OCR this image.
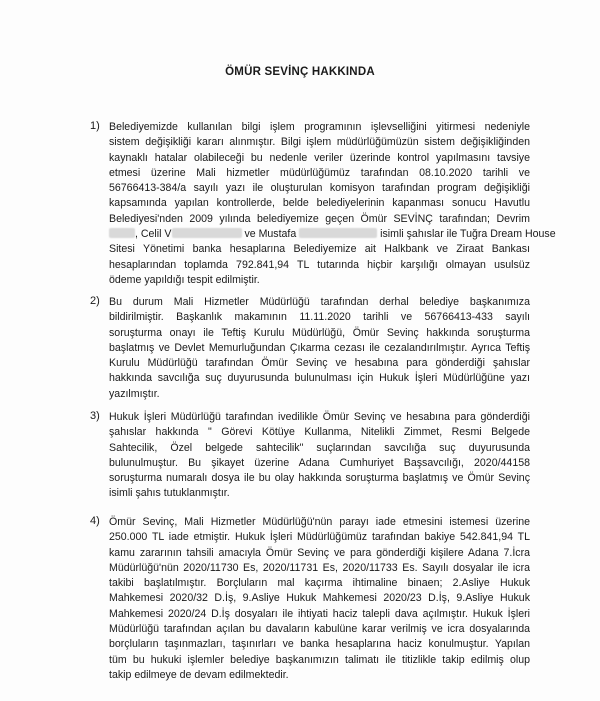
ÖMÜR SEVİNÇ HAKKINDA
1) Belediyemizde kullanılan bilgi işlem programının işlevselliğini yitirmesi nedeniyle
sistem değişikliği kararı alınmıştır. Bilgi işlem müdürlüğümüzün sistem değişikliğinden
kaynaklı hatalar olabileceği bu nedenle veriler üzerinde kontrol yapılmasını tavsiye
etmesi üzerine Mali hizmetler müdürlüğümüz tarafından 08.10.2020 tarihli ve
56766413-384/a sayılı yazı ile oluşturulan komisyon tarafından program değişikliği
kapsamında yapılan kontrollerde, belde belediyelerinin kapanması sonucu Havutlu
Belediyesi'nden 2009 yılında belediyemize geçen Ömür SEVİNÇ tarafından; Devrim
, Celil V	ve Mustafa	isimli şahıslar ile Tuğra Dream House
Sitesi Yönetimi banka hesaplarına Belediyemize ait Halkbank ve Ziraat Bankası
hesaplarından toplamda 792.841,94 TL tutarında hiçbir karşılığı olmayan usulsüz
ödeme yapıldığı tespit edilmiştir.
2) Bu durum Mali Hizmetler Müdürlüğü tarafından derhal belediye başkanımıza
bildirilmiştir. Başkanlık makamının 11.11.2020 tarihli ve 56766413-433 sayılı
soruşturma onayı ile Teftiş Kurulu Müdürlüğü, Ömür Sevinç hakkında soruşturma
başlatmış ve Devlet Memurluğundan Çıkarma cezası ile cezalandırılmıştır. Ayrıca Teftiş
Kurulu Müdürlüğü tarafından Ömür Sevinç ve hesabına para gönderdiği şahıslar
hakkında savcılığa suç duyurusunda bulunulması için Hukuk İşleri Müdürlüğüne yazı
yazılmıştır.
3) Hukuk İşleri Müdürlüğü tarafından ivedilikle Ömür Sevinç ve hesabına para gönderdiği
şahıslar hakkında " Görevi Kötüye Kullanma, Nitelikli Zimmet, Resmi Belgede
Sahtecilik, Özel belgede sahtecilik" suçlarından savcılığa suç duyurusunda
bulunulmuştur. Bu şikayet üzerine Adana Cumhuriyet Başsavcılığı, 2020/44158
soruşturma numaralı dosya ile bu olay hakkında soruşturma başlatmış ve Ömür Sevinç
isimli şahıs tutuklanmıştır.
4) Ömür Sevinç, Mali Hizmetler Müdürlüğü'nün parayı iade etmesini istemesi üzerine
250.000 TL iade etmiştir. Hukuk İşleri Müdürlüğümüz tarafından bakiye 542.841,94 TL
kamu zararının tahsili amacıyla Ömür Sevinç ve para gönderdiği kişilere Adana 7.İcra
Müdürlüğü'nün 2020/11730 Es, 2020/11731 Es, 2020/11733 Es. Sayılı dosyalar ile icra
takibi başlatılmıştır. Borçluların mal kaçırma ihtimaline binaen; 2.Asliye Hukuk
Mahkemesi 2020/32 D.İş, 9.Asliye Hukuk Mahkemesi 2020/23 D.İş, 9.Asliye Hukuk
Mahkemesi 2020/24 D.İş dosyaları ile ihtiyati haciz talepli dava açılmıştır. Hukuk İşleri
Müdürlüğü tarafından açılan bu davaların kabulüne karar verilmiş ve icra dosyalarında
borçluların taşınmazları, taşınırları ve banka hesaplarına haciz konulmuştur. Yapılan
tüm bu hukuki işlemler belediye başkanımızın talimatı ile titizlikle takip edilmiş olup
takip edilmeye de devam edilmektedir.
